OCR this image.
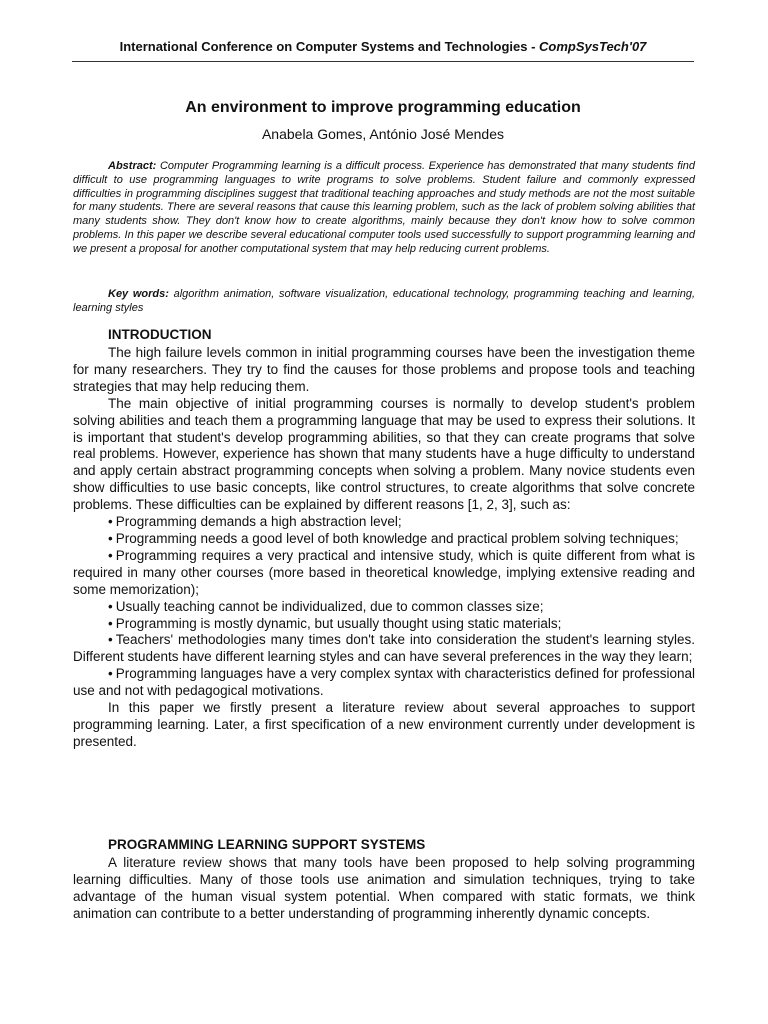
International Conference on Computer Systems and Technologies - CompSysTech'07
An environment to improve programming education
Anabela Gomes, António José Mendes

Abstract: Computer Programming learning is a difficult process. Experience has demonstrated that many students find difficult to use programming languages to write programs to solve problems. Student failure and commonly expressed difficulties in programming disciplines suggest that traditional teaching approaches and study methods are not the most suitable for many students. There are several reasons that cause this learning problem, such as the lack of problem solving abilities that many students show. They don't know how to create algorithms, mainly because they don't know how to solve common problems. In this paper we describe several educational computer tools used successfully to support programming learning and we present a proposal for another computational system that may help reducing current problems.

Key words: algorithm animation, software visualization, educational technology, programming teaching and learning, learning styles

INTRODUCTION

The high failure levels common in initial programming courses have been the investigation theme for many researchers. They try to find the causes for those problems and propose tools and teaching strategies that may help reducing them.

The main objective of initial programming courses is normally to develop student's problem solving abilities and teach them a programming language that may be used to express their solutions. It is important that student's develop programming abilities, so that they can create programs that solve real problems. However, experience has shown that many students have a huge difficulty to understand and apply certain abstract programming concepts when solving a problem. Many novice students even show difficulties to use basic concepts, like control structures, to create algorithms that solve concrete problems. These difficulties can be explained by different reasons [1, 2, 3], such as:

• Programming demands a high abstraction level;

• Programming needs a good level of both knowledge and practical problem solving techniques;

• Programming requires a very practical and intensive study, which is quite different from what is required in many other courses (more based in theoretical knowledge, implying extensive reading and some memorization);

• Usually teaching cannot be individualized, due to common classes size;

• Programming is mostly dynamic, but usually thought using static materials;

• Teachers' methodologies many times don't take into consideration the student's learning styles. Different students have different learning styles and can have several preferences in the way they learn;

• Programming languages have a very complex syntax with characteristics defined for professional use and not with pedagogical motivations.

In this paper we firstly present a literature review about several approaches to support programming learning. Later, a first specification of a new environment currently under development is presented.

PROGRAMMING LEARNING SUPPORT SYSTEMS

A literature review shows that many tools have been proposed to help solving programming learning difficulties. Many of those tools use animation and simulation techniques, trying to take advantage of the human visual system potential. When compared with static formats, we think animation can contribute to a better understanding of programming inherently dynamic concepts.
